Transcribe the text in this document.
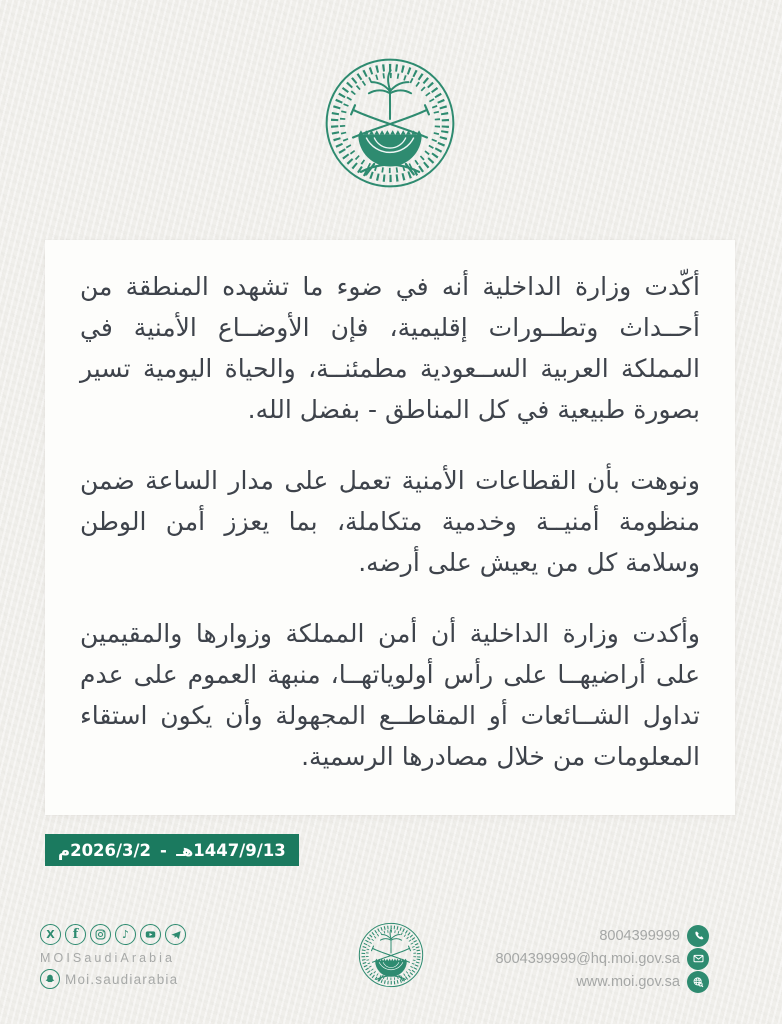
أكّدت وزارة الداخلية أنه في ضوء ما تشهده المنطقة من أحــداث وتطــورات إقليمية، فإن الأوضــاع الأمنية في المملكة العربية الســعودية مطمئنــة، والحياة اليومية تسير بصورة طبيعية في كل المناطق - بفضل الله.

ونوهت بأن القطاعات الأمنية تعمل على مدار الساعة ضمن منظومة أمنيــة وخدمية متكاملة، بما يعزز أمن الوطن وسلامة كل من يعيش على أرضه.

وأكدت وزارة الداخلية أن أمن المملكة وزوارها والمقيمين على أراضيهــا على رأس أولوياتهــا، منبهة العموم على عدم تداول الشــائعات أو المقاطــع المجهولة وأن يكون استقاء المعلومات من خلال مصادرها الرسمية.

1447/9/13هـ
-
2026/3/2م
X f	♪
MOISaudiArabia
Moi.saudiarabia
8004399999
8004399999@hq.moi.gov.sa
www.moi.gov.sa
